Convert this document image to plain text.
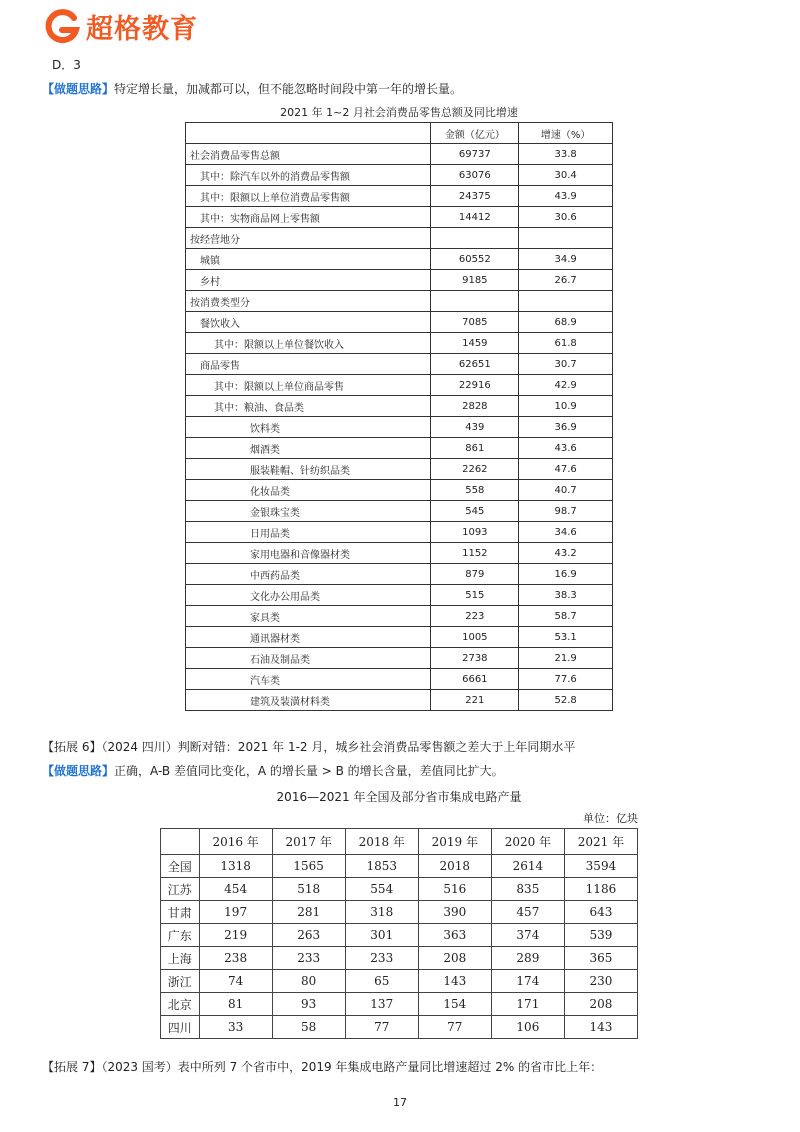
超格教育
D．3
【做题思路】特定增长量，加减都可以，但不能忽略时间段中第一年的增长量。
2021 年 1~2 月社会消费品零售总额及同比增速
	金额（亿元）	增速（%）
社会消费品零售总额	69737	33.8
其中：除汽车以外的消费品零售额	63076	30.4
其中：限额以上单位消费品零售额	24375	43.9
其中：实物商品网上零售额	14412	30.6
按经营地分		
城镇	60552	34.9
乡村	9185	26.7
按消费类型分		
餐饮收入	7085	68.9
其中：限额以上单位餐饮收入	1459	61.8
商品零售	62651	30.7
其中：限额以上单位商品零售	22916	42.9
其中：粮油、食品类	2828	10.9
饮料类	439	36.9
烟酒类	861	43.6
服装鞋帽、针纺织品类	2262	47.6
化妆品类	558	40.7
金银珠宝类	545	98.7
日用品类	1093	34.6
家用电器和音像器材类	1152	43.2
中西药品类	879	16.9
文化办公用品类	515	38.3
家具类	223	58.7
通讯器材类	1005	53.1
石油及制品类	2738	21.9
汽车类	6661	77.6
建筑及装潢材料类	221	52.8
【拓展 6】（2024 四川）判断对错：2021 年 1-2 月，城乡社会消费品零售额之差大于上年同期水平
【做题思路】正确，A-B 差值同比变化，A 的增长量 > B 的增长含量，差值同比扩大。
2016—2021 年全国及部分省市集成电路产量
单位：亿块
	2016 年	2017 年	2018 年	2019 年	2020 年	2021 年
全国	1318	1565	1853	2018	2614	3594
江苏	454	518	554	516	835	1186
甘肃	197	281	318	390	457	643
广东	219	263	301	363	374	539
上海	238	233	233	208	289	365
浙江	74	80	65	143	174	230
北京	81	93	137	154	171	208
四川	33	58	77	77	106	143
【拓展 7】（2023 国考）表中所列 7 个省市中，2019 年集成电路产量同比增速超过 2% 的省市比上年：
17
